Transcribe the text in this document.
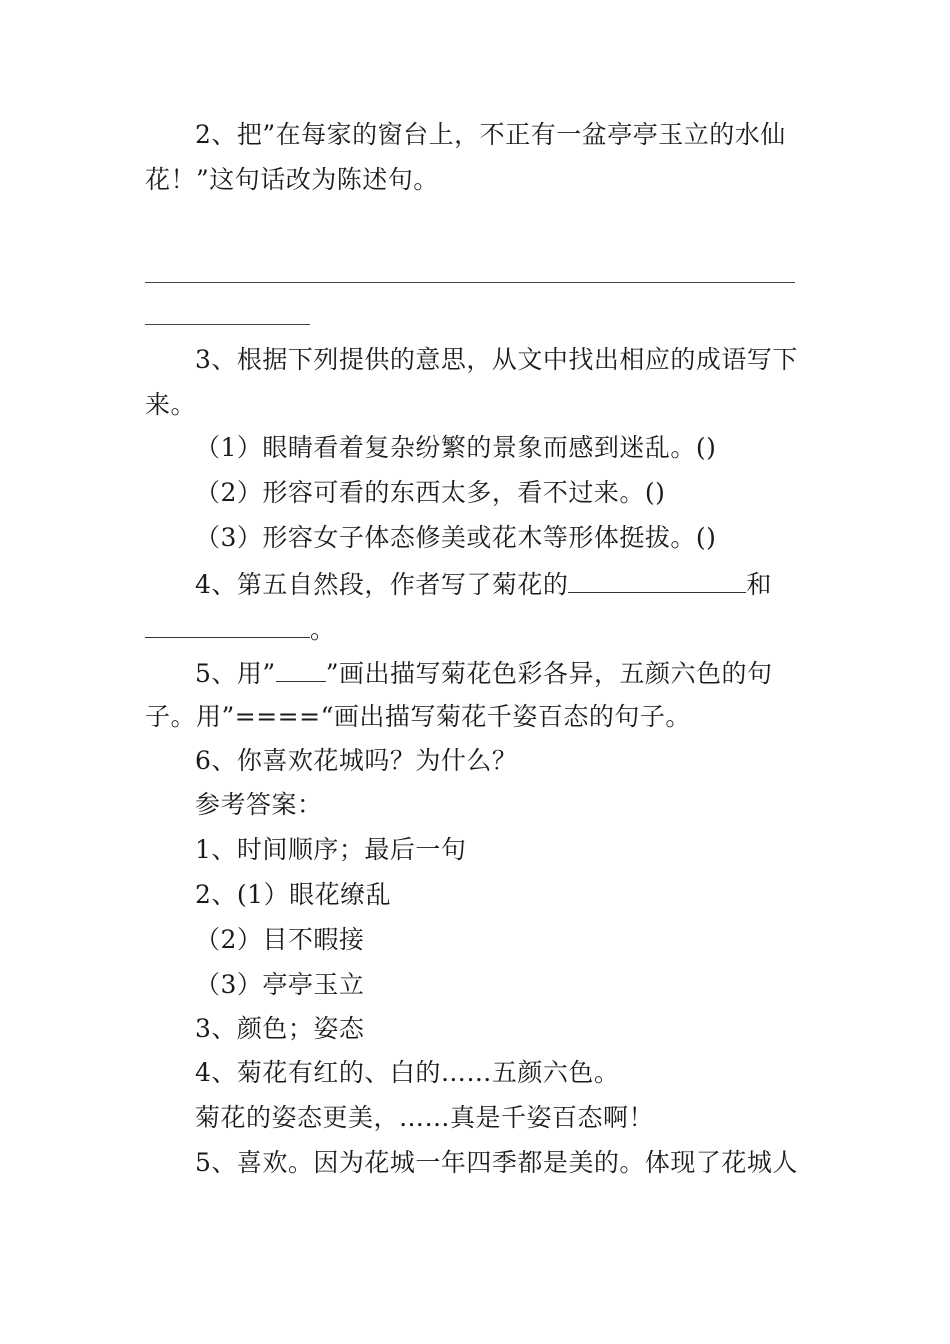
2、把”在每家的窗台上，不正有一盆亭亭玉立的水仙
花！”这句话改为陈述句。
3、根据下列提供的意思，从文中找出相应的成语写下
来。
（1）眼睛看着复杂纷繁的景象而感到迷乱。()
（2）形容可看的东西太多，看不过来。()
（3）形容女子体态修美或花木等形体挺拔。()
4、第五自然段，作者写了菊花的	和
。
5、用” ”画出描写菊花色彩各异，五颜六色的句
子。用”====“画出描写菊花千姿百态的句子。
6、你喜欢花城吗？为什么？
参考答案：
1、时间顺序；最后一句
2、(1）眼花缭乱
（2）目不暇接
（3）亭亭玉立
3、颜色；姿态
4、菊花有红的、白的……五颜六色。
菊花的姿态更美，……真是千姿百态啊！
5、喜欢。因为花城一年四季都是美的。体现了花城人
